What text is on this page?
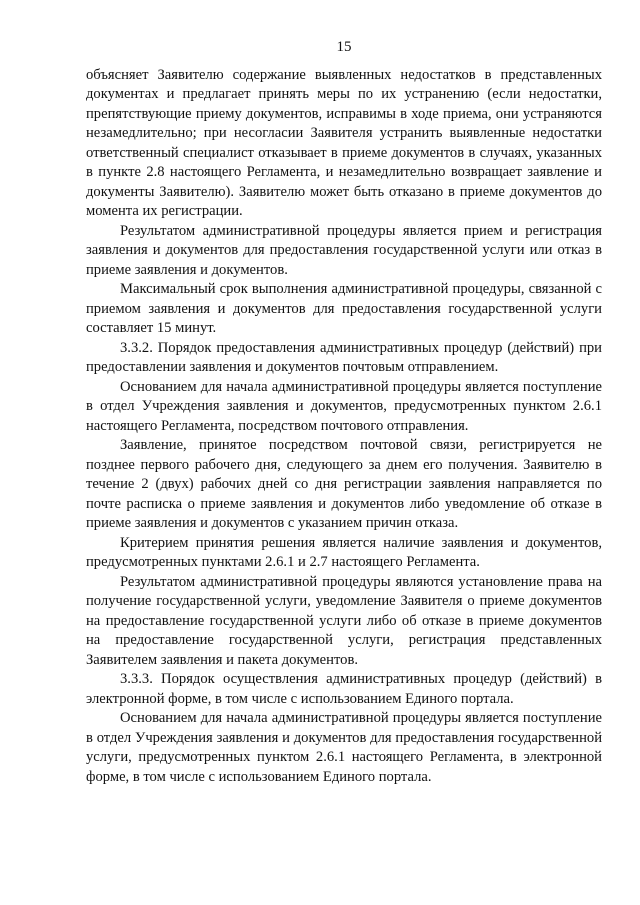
15

объясняет Заявителю содержание выявленных недостатков в представленных документах и предлагает принять меры по их устранению (если недостатки, препятствующие приему документов, исправимы в ходе приема, они устраняются незамедлительно; при несогласии Заявителя устранить выявленные недостатки ответственный специалист отказывает в приеме документов в случаях, указанных в пункте 2.8 настоящего Регламента, и незамедлительно возвращает заявление и документы Заявителю). Заявителю может быть отказано в приеме документов до момента их регистрации.

Результатом административной процедуры является прием и регистрация заявления и документов для предоставления государственной услуги или отказ в приеме заявления и документов.

Максимальный срок выполнения административной процедуры, связанной с приемом заявления и документов для предоставления государственной услуги составляет 15 минут.

3.3.2. Порядок предоставления административных процедур (действий) при предоставлении заявления и документов почтовым отправлением.

Основанием для начала административной процедуры является поступление в отдел Учреждения заявления и документов, предусмотренных пунктом 2.6.1 настоящего Регламента, посредством почтового отправления.

Заявление, принятое посредством почтовой связи, регистрируется не позднее первого рабочего дня, следующего за днем его получения. Заявителю в течение 2 (двух) рабочих дней со дня регистрации заявления направляется по почте расписка о приеме заявления и документов либо уведомление об отказе в приеме заявления и документов с указанием причин отказа.

Критерием принятия решения является наличие заявления и документов, предусмотренных пунктами 2.6.1 и 2.7 настоящего Регламента.

Результатом административной процедуры являются установление права на получение государственной услуги, уведомление Заявителя о приеме документов на предоставление государственной услуги либо об отказе в приеме документов на предоставление государственной услуги, регистрация представленных Заявителем заявления и пакета документов.

3.3.3. Порядок осуществления административных процедур (действий) в электронной форме, в том числе с использованием Единого портала.

Основанием для начала административной процедуры является поступление в отдел Учреждения заявления и документов для предоставления государственной услуги, предусмотренных пунктом 2.6.1 настоящего Регламента, в электронной форме, в том числе с использованием Единого портала.
